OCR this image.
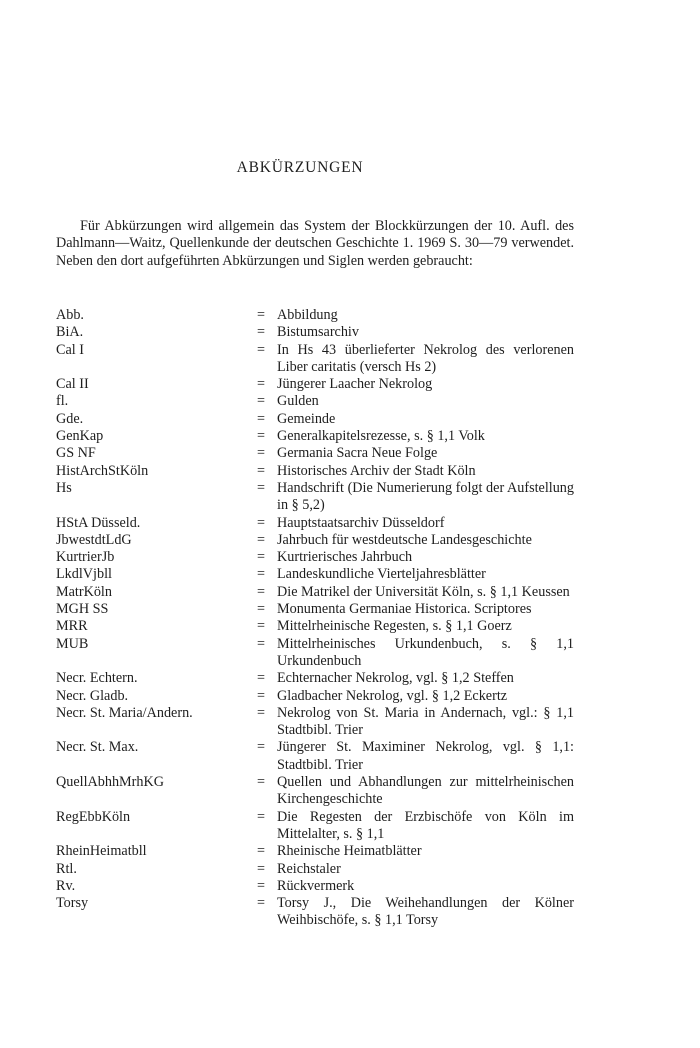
ABKÜRZUNGEN

Für Abkürzungen wird allgemein das System der Blockkürzungen der 10. Aufl. des Dahlmann—Waitz, Quellenkunde der deutschen Geschichte 1. 1969 S. 30—79 verwendet. Neben den dort aufgeführten Abkürzungen und Siglen werden gebraucht:

Abb.	= Abbildung
BiA.	= Bistumsarchiv
Cal I	= In Hs 43 überlieferter Nekrolog des verlorenen Liber caritatis (versch Hs 2)
Cal II	= Jüngerer Laacher Nekrolog
fl.	= Gulden
Gde.	= Gemeinde
GenKap	= Generalkapitelsrezesse, s. § 1,1 Volk
GS NF	= Germania Sacra Neue Folge
HistArchStKöln	= Historisches Archiv der Stadt Köln
Hs	= Handschrift (Die Numerierung folgt der Aufstellung in § 5,2)
HStA Düsseld.	= Hauptstaatsarchiv Düsseldorf
JbwestdtLdG	= Jahrbuch für westdeutsche Landesgeschichte
KurtrierJb	= Kurtrierisches Jahrbuch
LkdlVjbll	= Landeskundliche Vierteljahresblätter
MatrKöln	= Die Matrikel der Universität Köln, s. § 1,1 Keussen
MGH SS	= Monumenta Germaniae Historica. Scriptores
MRR	= Mittelrheinische Regesten, s. § 1,1 Goerz
MUB	= Mittelrheinisches Urkundenbuch, s. § 1,1 Urkundenbuch
Necr. Echtern.	= Echternacher Nekrolog, vgl. § 1,2 Steffen
Necr. Gladb.	= Gladbacher Nekrolog, vgl. § 1,2 Eckertz
Necr. St. Maria/Andern.	= Nekrolog von St. Maria in Andernach, vgl.: § 1,1 Stadtbibl. Trier
Necr. St. Max.	= Jüngerer St. Maximiner Nekrolog, vgl. § 1,1: Stadtbibl. Trier
QuellAbhhMrhKG	= Quellen und Abhandlungen zur mittelrheinischen Kirchengeschichte
RegEbbKöln	= Die Regesten der Erzbischöfe von Köln im Mittelalter, s. § 1,1
RheinHeimatbll	= Rheinische Heimatblätter
Rtl.	= Reichstaler
Rv.	= Rückvermerk
Torsy	= Torsy J., Die Weihehandlungen der Kölner Weihbischöfe, s. § 1,1 Torsy
